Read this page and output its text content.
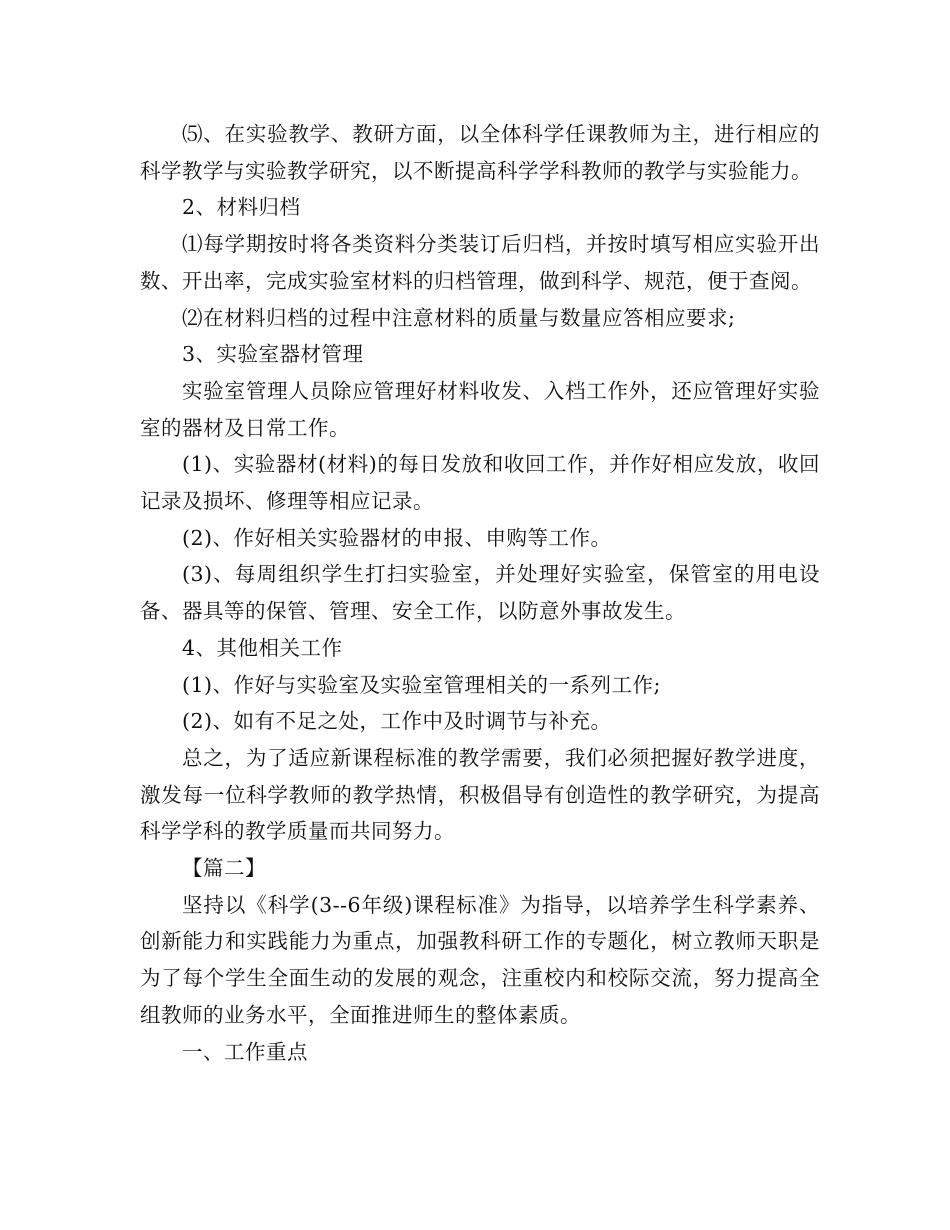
⑸、在实验教学、教研方面，以全体科学任课教师为主，进行相应的科学教学与实验教学研究，以不断提高科学学科教师的教学与实验能力。

2、材料归档

⑴每学期按时将各类资料分类装订后归档，并按时填写相应实验开出数、开出率，完成实验室材料的归档管理，做到科学、规范，便于查阅。

⑵在材料归档的过程中注意材料的质量与数量应答相应要求;

3、实验室器材管理

实验室管理人员除应管理好材料收发、入档工作外，还应管理好实验室的器材及日常工作。

(1)、实验器材(材料)的每日发放和收回工作，并作好相应发放，收回记录及损坏、修理等相应记录。

(2)、作好相关实验器材的申报、申购等工作。

(3)、每周组织学生打扫实验室，并处理好实验室，保管室的用电设备、器具等的保管、管理、安全工作，以防意外事故发生。

4、其他相关工作

(1)、作好与实验室及实验室管理相关的一系列工作;

(2)、如有不足之处，工作中及时调节与补充。

总之，为了适应新课程标准的教学需要，我们必须把握好教学进度，激发每一位科学教师的教学热情，积极倡导有创造性的教学研究，为提高科学学科的教学质量而共同努力。

【篇二】

坚持以《科学(3--6年级)课程标准》为指导，以培养学生科学素养、创新能力和实践能力为重点，加强教科研工作的专题化，树立教师天职是为了每个学生全面生动的发展的观念，注重校内和校际交流，努力提高全组教师的业务水平，全面推进师生的整体素质。

一、工作重点
